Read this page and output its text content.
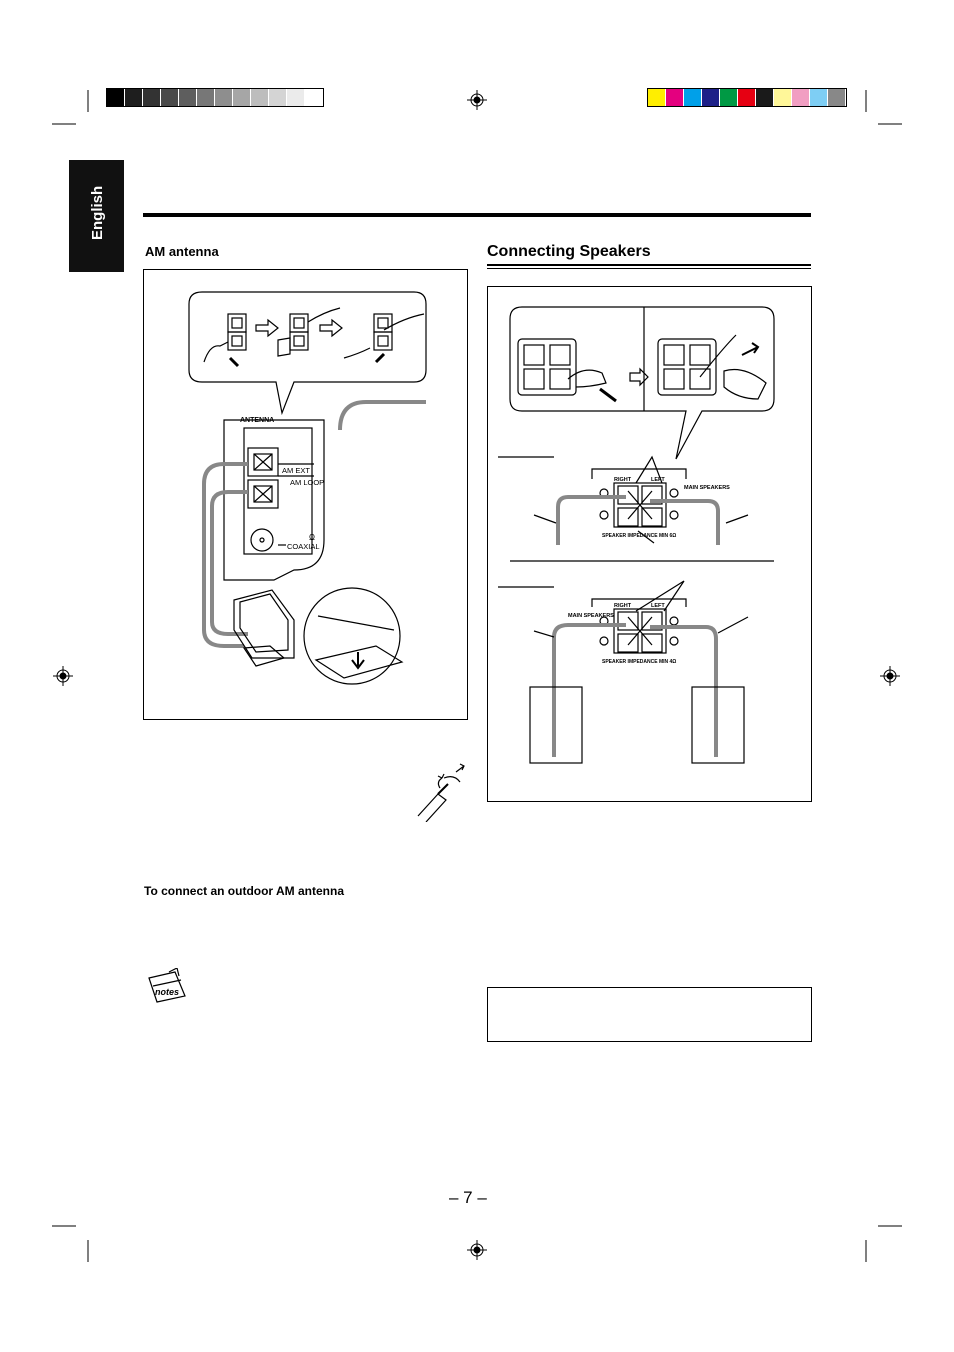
English
AM antenna	Connecting Speakers
ANTENNA
AM EXT
AM LOOP
Ω
COAXIAL
To connect an outdoor AM antenna
notes
RIGHT	LEFT
MAIN SPEAKERS
SPEAKER IMPEDANCE MIN 6Ω
RIGHT	LEFT
MAIN SPEAKERS
SPEAKER IMPEDANCE MIN 4Ω
– 7 –
